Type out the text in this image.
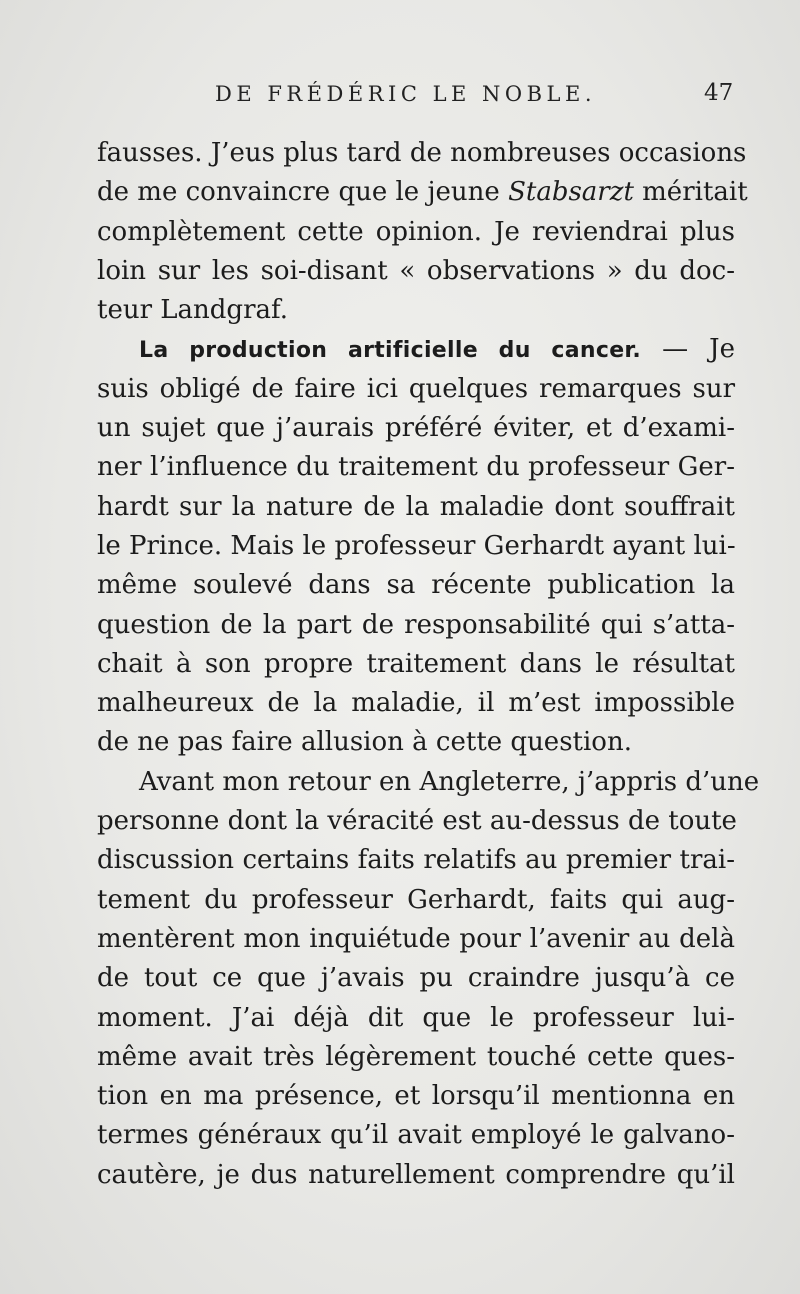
DE FRÉDÉRIC LE NOBLE.	47
fausses. J’eus plus tard de nombreuses occasions
de me convaincre que le jeune Stabsarzt méritait
complètement cette opinion. Je reviendrai plus
loin sur les soi-disant « observations » du doc-
teur Landgraf.
La production artificielle du cancer. — Je
suis obligé de faire ici quelques remarques sur
un sujet que j’aurais préféré éviter, et d’exami-
ner l’influence du traitement du professeur Ger-
hardt sur la nature de la maladie dont souffrait
le Prince. Mais le professeur Gerhardt ayant lui-
même soulevé dans sa récente publication la
question de la part de responsabilité qui s’atta-
chait à son propre traitement dans le résultat
malheureux de la maladie, il m’est impossible
de ne pas faire allusion à cette question.
Avant mon retour en Angleterre, j’appris d’une
personne dont la véracité est au-dessus de toute
discussion certains faits relatifs au premier trai-
tement du professeur Gerhardt, faits qui aug-
mentèrent mon inquiétude pour l’avenir au delà
de tout ce que j’avais pu craindre jusqu’à ce
moment. J’ai déjà dit que le professeur lui-
même avait très légèrement touché cette ques-
tion en ma présence, et lorsqu’il mentionna en
termes généraux qu’il avait employé le galvano-
cautère, je dus naturellement comprendre qu’il
